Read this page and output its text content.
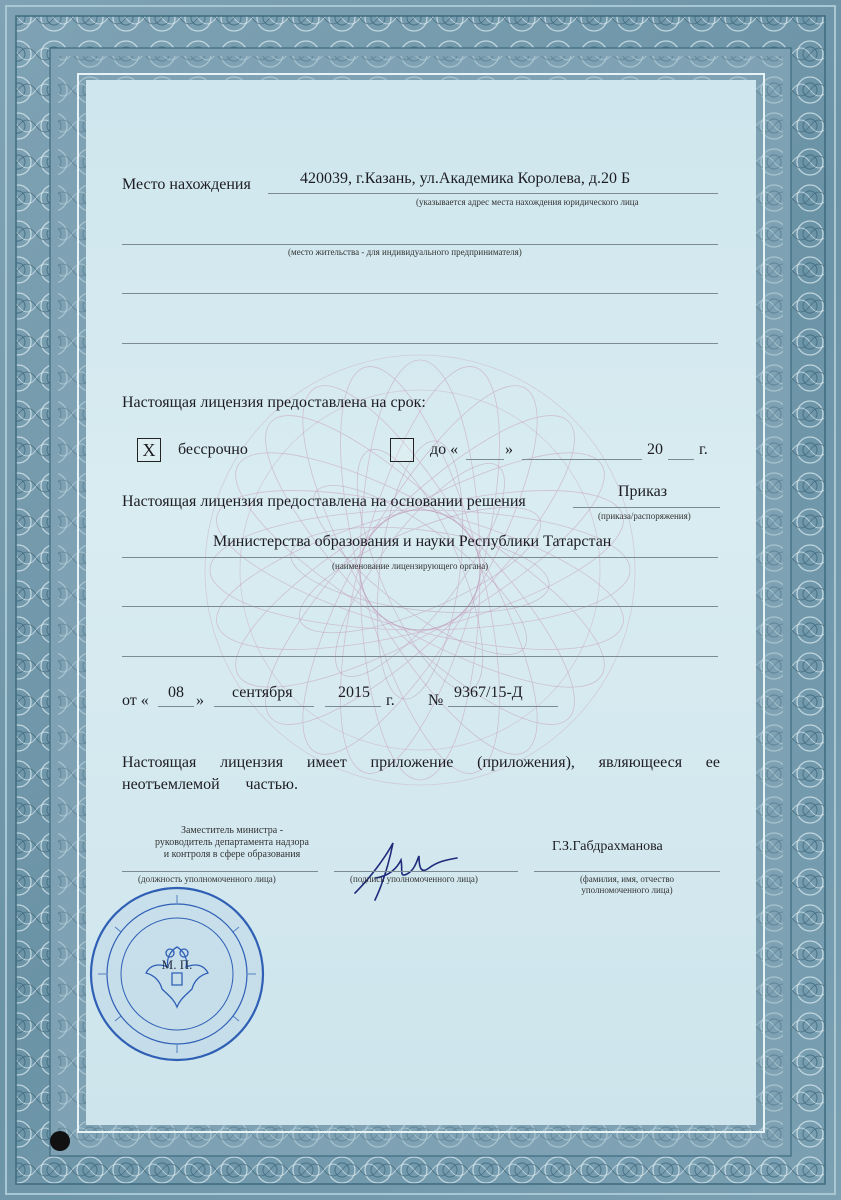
Место нахождения	420039, г.Казань, ул.Академика Королева, д.20 Б
(указывается адрес места нахождения юридического лица
(место жительства - для индивидуального предпринимателя)
Настоящая лицензия предоставлена на срок:
X	бессрочно	до «	»	20 г.
Настоящая лицензия предоставлена на основании решения
Приказ
(приказа/распоряжения)
Министерства образования и науки Республики Татарстан
(наименование лицензирующего органа)
от « 08 » сентября	2015 г. № 9367/15-Д
Настоящая лицензия имеет приложение (приложения), являющееся ее
неотъемлемой частью.
Заместитель министра -
руководитель департамента надзора
и контроля в сфере образования
(должность уполномоченного лица)	(подпись уполномоченного лица)
Г.З.Габдрахманова
(фамилия, имя, отчество
уполномоченного лица)
М. П.
